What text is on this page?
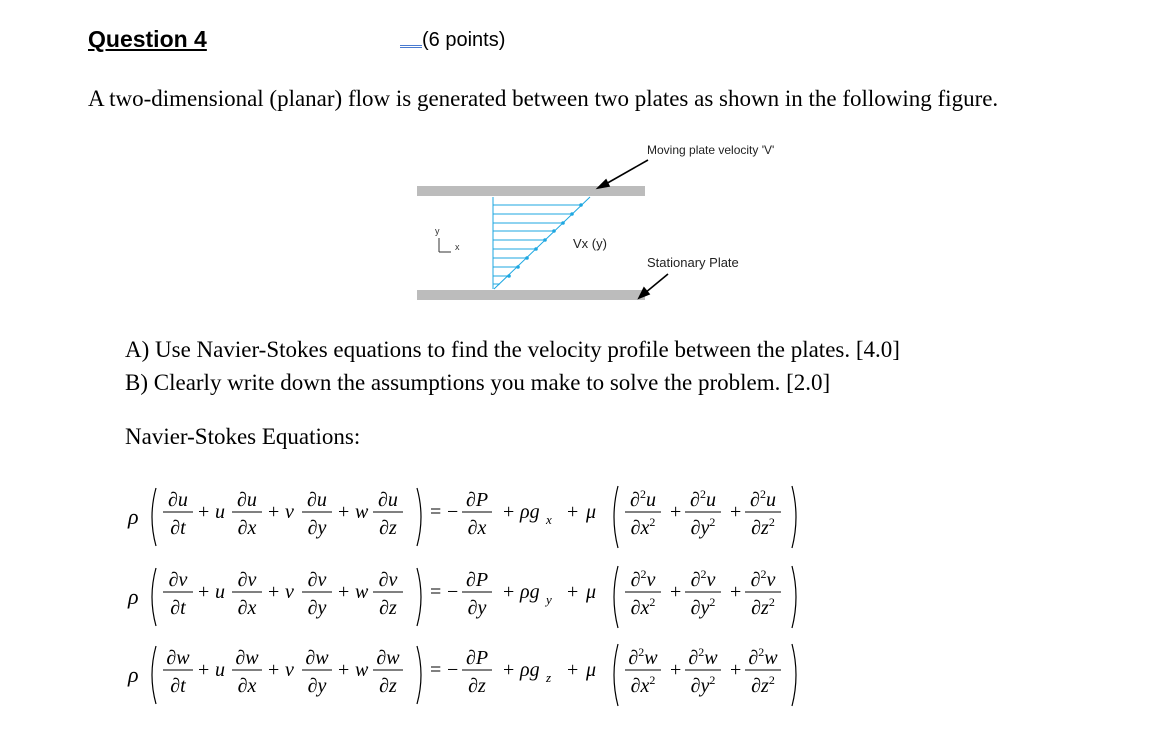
Question 4	(6 points)
A two-dimensional (planar) flow is generated between two plates as shown in the following figure.
y
x
Moving plate velocity 'V'
Vx (y)
Stationary Plate
A) Use Navier-Stokes equations to find the velocity profile between the plates. [4.0]
B) Clearly write down the assumptions you make to solve the problem. [2.0]
Navier-Stokes Equations:
ρ
∂u
∂t
+ u
∂u
∂x
+ v
∂u
∂y
+ w
∂u
∂z
= −
∂P
∂x
+ ρg x + μ
∂$^2$u
$\partial x^2$ +
∂$^2$u
$\partial y^2$ +
∂$^2$u
$\partial z^2$
ρ
∂v
∂t
+ u
∂v
∂x
+ v
∂v
∂y
+ w
∂v
∂z
= −
∂P
∂y
+ ρg y + μ
∂$^2$v
$\partial x^2$ +
∂$^2$v
$\partial y^2$ +
∂$^2$v
$\partial z^2$
ρ
∂w
∂t
+ u
∂w
∂x
+ v
∂w
∂y
+ w
∂w
∂z
= −
∂P
∂z
+ ρg z + μ
∂$^2$w
$\partial x^2$ +
∂$^2$w
$\partial y^2$ +
∂$^2$w
$\partial z^2$
